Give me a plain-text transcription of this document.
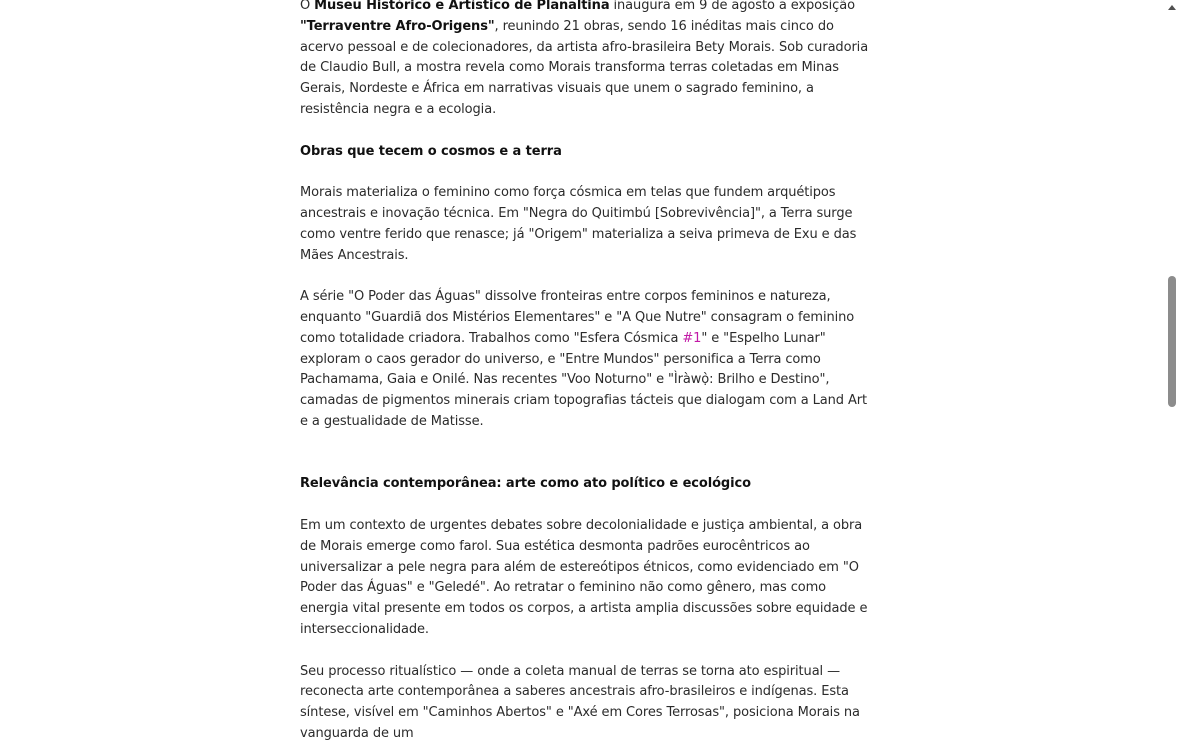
O Museu Histórico e Artístico de Planaltina inaugura em 9 de agosto a exposição "Terraventre Afro-Origens", reunindo 21 obras, sendo 16 inéditas mais cinco do acervo pessoal e de colecionadores, da artista afro-brasileira Bety Morais. Sob curadoria de Claudio Bull, a mostra revela como Morais transforma terras coletadas em Minas Gerais, Nordeste e África em narrativas visuais que unem o sagrado feminino, a resistência negra e a ecologia.

Obras que tecem o cosmos e a terra

Morais materializa o feminino como força cósmica em telas que fundem arquétipos ancestrais e inovação técnica. Em "Negra do Quitimbú [Sobrevivência]", a Terra surge como ventre ferido que renasce; já "Origem" materializa a seiva primeva de Exu e das Mães Ancestrais.

A série "O Poder das Águas" dissolve fronteiras entre corpos femininos e natureza, enquanto "Guardiã dos Mistérios Elementares" e "A Que Nutre" consagram o feminino como totalidade criadora. Trabalhos como "Esfera Cósmica #1" e "Espelho Lunar" exploram o caos gerador do universo, e "Entre Mundos" personifica a Terra como Pachamama, Gaia e Onilé. Nas recentes "Voo Noturno" e "Ìràwọ̀: Brilho e Destino", camadas de pigmentos minerais criam topografias tácteis que dialogam com a Land Art e a gestualidade de Matisse.

Relevância contemporânea: arte como ato político e ecológico

Em um contexto de urgentes debates sobre decolonialidade e justiça ambiental, a obra de Morais emerge como farol. Sua estética desmonta padrões eurocêntricos ao universalizar a pele negra para além de estereótipos étnicos, como evidenciado em "O Poder das Águas" e "Geledé". Ao retratar o feminino não como gênero, mas como energia vital presente em todos os corpos, a artista amplia discussões sobre equidade e interseccionalidade.

Seu processo ritualístico — onde a coleta manual de terras se torna ato espiritual — reconecta arte contemporânea a saberes ancestrais afro-brasileiros e indígenas. Esta síntese, visível em "Caminhos Abertos" e "Axé em Cores Terrosas", posiciona Morais na vanguarda de um
